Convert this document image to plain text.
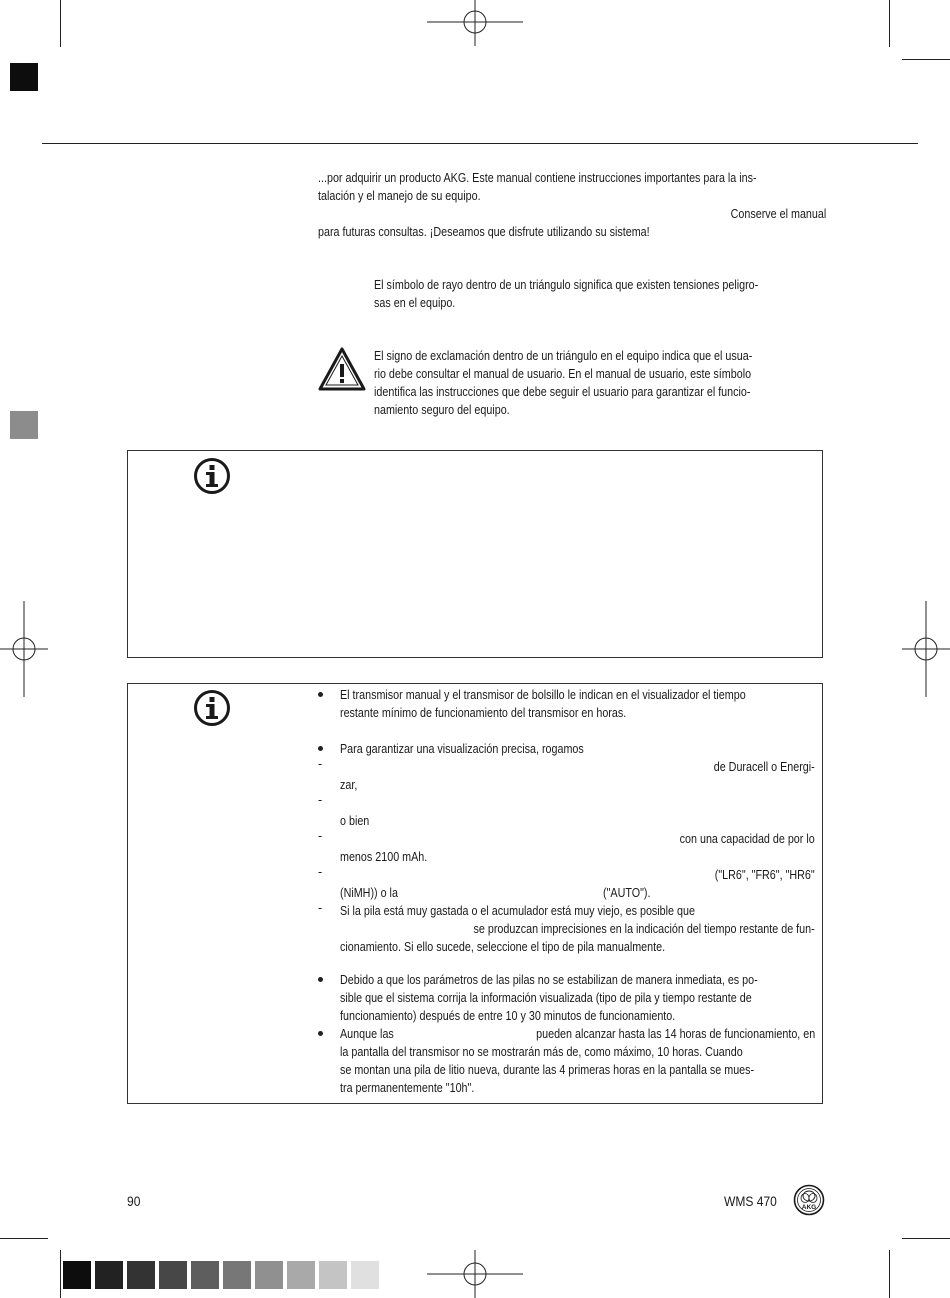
...por adquirir un producto AKG. Este manual contiene instrucciones importantes para la ins-
talación y el manejo de su equipo.
Conserve el manual
para futuras consultas. ¡Deseamos que disfrute utilizando su sistema!
El símbolo de rayo dentro de un triángulo significa que existen tensiones peligro-
sas en el equipo.
El signo de exclamación dentro de un triángulo en el equipo indica que el usua-
rio debe consultar el manual de usuario. En el manual de usuario, este símbolo
identifica las instrucciones que debe seguir el usuario para garantizar el funcio-
namiento seguro del equipo.
El transmisor manual y el transmisor de bolsillo le indican en el visualizador el tiempo
restante mínimo de funcionamiento del transmisor en horas.
Para garantizar una visualización precisa, rogamos
-	de Duracell o Energi-
zar,
-
o bien
-	con una capacidad de por lo
menos 2100 mAh.
-	("LR6", "FR6", "HR6"
(NiMH)) o la	("AUTO").
- Si la pila está muy gastada o el acumulador está muy viejo, es posible que
se produzcan imprecisiones en la indicación del tiempo restante de fun-
cionamiento. Si ello sucede, seleccione el tipo de pila manualmente.
Debido a que los parámetros de las pilas no se estabilizan de manera inmediata, es po-
sible que el sistema corrija la información visualizada (tipo de pila y tiempo restante de
funcionamiento) después de entre 10 y 30 minutos de funcionamiento.
Aunque las	pueden alcanzar hasta las 14 horas de funcionamiento, en
la pantalla del transmisor no se mostrarán más de, como máximo, 10 horas. Cuando
se montan una pila de litio nueva, durante las 4 primeras horas en la pantalla se mues-
tra permanentemente "10h".
90	WMS 470	AKG
